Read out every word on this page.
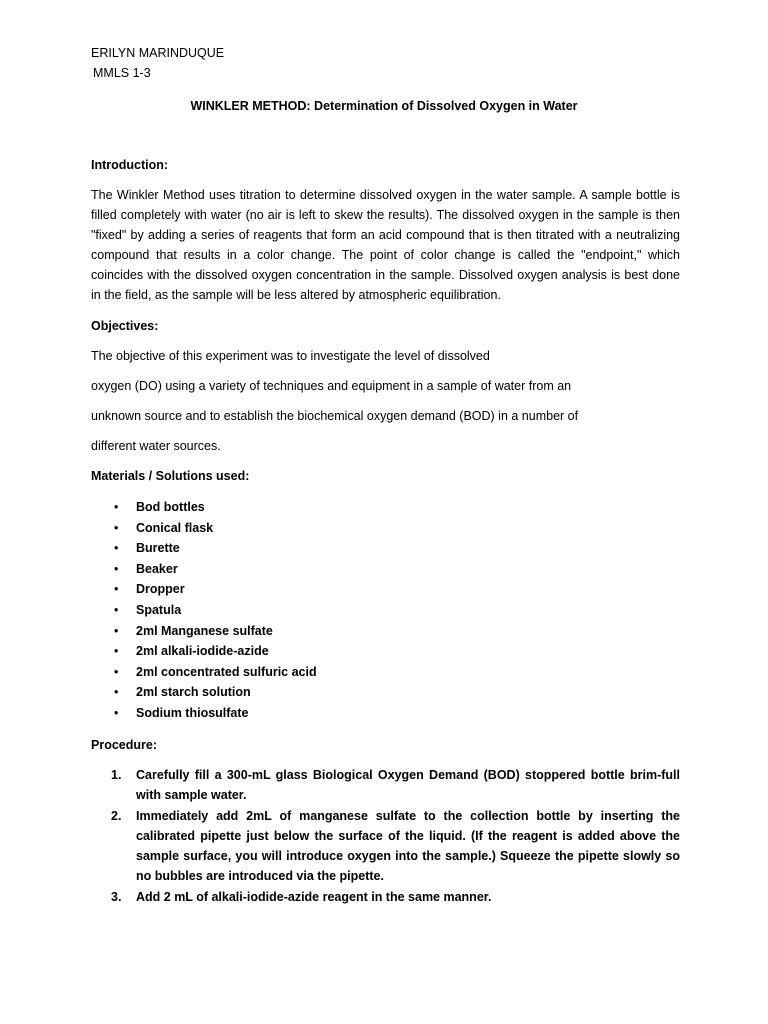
ERILYN MARINDUQUE

MMLS 1-3

WINKLER METHOD: Determination of Dissolved Oxygen in Water

Introduction:

The Winkler Method uses titration to determine dissolved oxygen in the water sample. A sample bottle is filled completely with water (no air is left to skew the results). The dissolved oxygen in the sample is then "fixed" by adding a series of reagents that form an acid compound that is then titrated with a neutralizing compound that results in a color change. The point of color change is called the "endpoint," which coincides with the dissolved oxygen concentration in the sample. Dissolved oxygen analysis is best done in the field, as the sample will be less altered by atmospheric equilibration.

Objectives:

The objective of this experiment was to investigate the level of dissolved

oxygen (DO) using a variety of techniques and equipment in a sample of water from an

unknown source and to establish the biochemical oxygen demand (BOD) in a number of

different water sources.

Materials / Solutions used:

• Bod bottles
• Conical flask
• Burette
• Beaker
• Dropper
• Spatula
• 2ml Manganese sulfate
• 2ml alkali-iodide-azide
• 2ml concentrated sulfuric acid
• 2ml starch solution
• Sodium thiosulfate

Procedure:

1. Carefully fill a 300-mL glass Biological Oxygen Demand (BOD) stoppered bottle brim-full with sample water.
2. Immediately add 2mL of manganese sulfate to the collection bottle by inserting the calibrated pipette just below the surface of the liquid. (If the reagent is added above the sample surface, you will introduce oxygen into the sample.) Squeeze the pipette slowly so no bubbles are introduced via the pipette.
3. Add 2 mL of alkali-iodide-azide reagent in the same manner.
